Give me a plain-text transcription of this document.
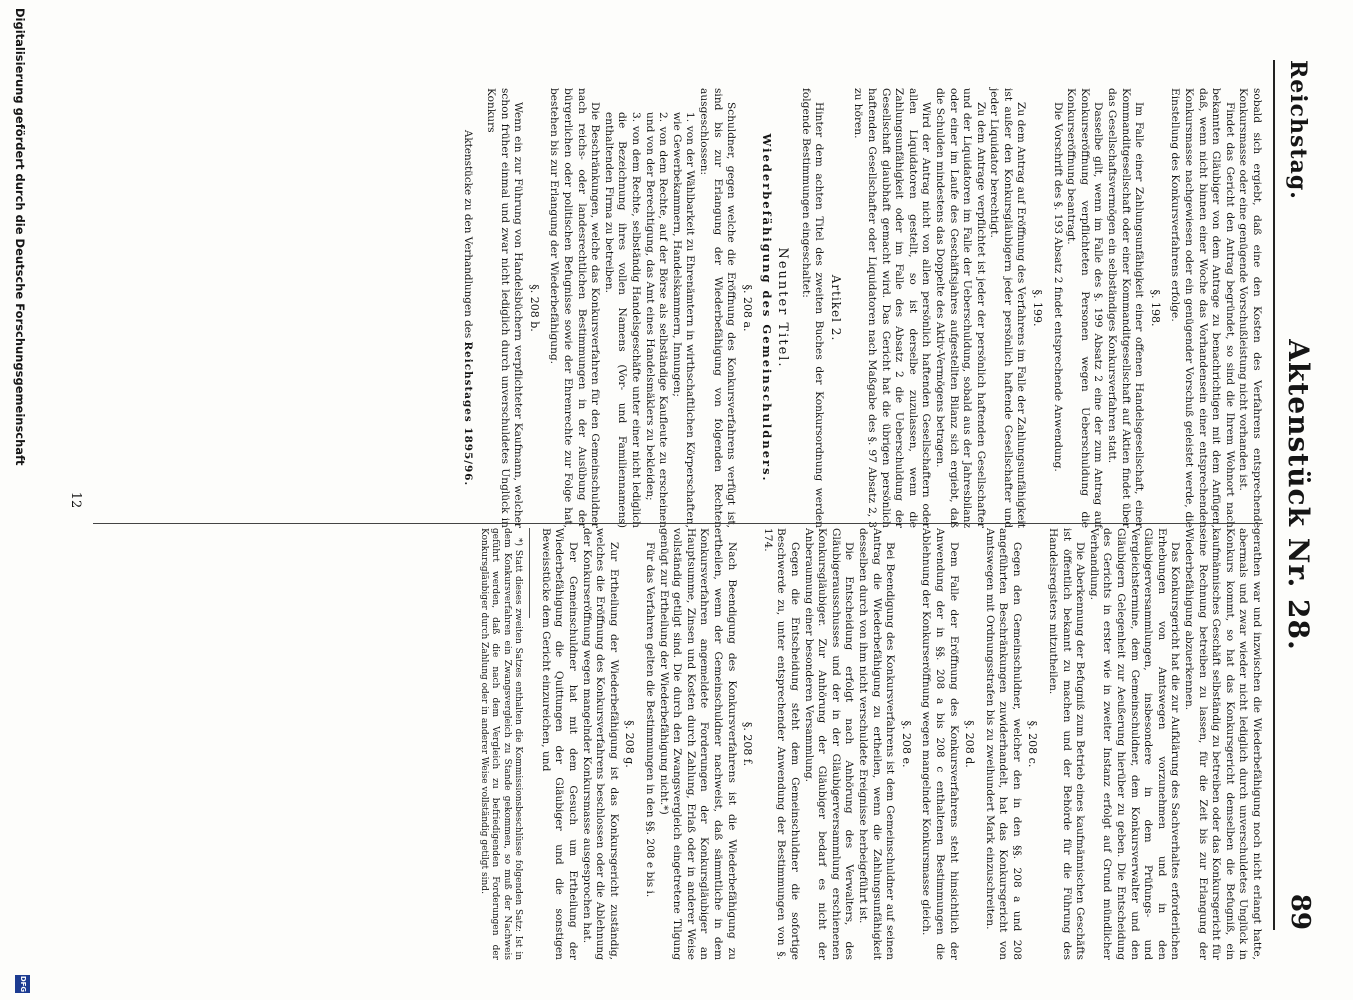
Reichstag.
Aktenstück Nr. 28.
89

sobald sich ergiebt, daß eine den Kosten des Verfahrens entsprechende Konkursmasse oder eine genügende Vorschußleistung nicht vorhanden ist.

Findet das Gericht den Antrag begründet, so sind die Ihrem Wohnort nach bekannten Gläubiger von dem Antrage zu benachrichtigen mit dem Anfügen, daß, wenn nicht binnen einer Woche das Vorhandensein einer entsprechenden Konkursmasse nachgewiesen oder ein genügender Vorschuß geleistet werde, die Einstellung des Konkursverfahrens erfolge.

§. 198.

Im Falle einer Zahlungsunfähigkeit einer offenen Handelsgesellschaft, einer Kommanditgesellschaft oder einer Kommanditgesellschaft auf Aktien findet über das Gesellschaftsvermögen ein selbständiges Konkursverfahren statt.

Dasselbe gilt, wenn im Falle des §. 199 Absatz 2 eine der zum Antrag auf Konkurseröffnung verpflichteten Personen wegen Ueberschuldung die Konkurseröffnung beantragt.

Die Vorschrift des §. 193 Absatz 2 findet entsprechende Anwendung.

§. 199.

Zu dem Antrag auf Eröffnung des Verfahrens im Falle der Zahlungsunfähigkeit ist außer den Konkursgläubigern jeder persönlich haftende Gesellschafter und jeder Liquidator berechtigt.

Zu dem Antrage verpflichtet ist jeder der persönlich haftenden Gesellschafter und der Liquidatoren im Falle der Ueberschuldung, sobald aus der Jahresbilanz oder einer im Laufe des Geschäftsjahres aufgestellten Bilanz sich ergiebt, daß die Schulden mindestens das Doppelte des Aktiv-Vermögens betragen.

Wird der Antrag nicht von allen persönlich haftenden Gesellschaftern oder allen Liquidatoren gestellt, so ist derselbe zuzulassen, wenn die Zahlungsunfähigkeit oder im Falle des Absatz 2 die Ueberschuldung der Gesellschaft glaubhaft gemacht wird. Das Gericht hat die übrigen persönlich haftenden Gesellschafter oder Liquidatoren nach Maßgabe des §. 97 Absatz 2, 3 zu hören.

Artikel 2.

Hinter dem achten Titel des zweiten Buches der Konkursordnung werden folgende Bestimmungen eingeschaltet:

Neunter Titel.
Wiederbefähigung des Gemeinschuldners.
§. 208 a.

Schuldner, gegen welche die Eröffnung des Konkursverfahrens verfügt ist, sind bis zur Erlangung der Wiederbefähigung von folgenden Rechten ausgeschlossen:

1. von der Wählbarkeit zu Ehrenämtern in wirthschaftlichen Körperschaften, wie Gewerbekammern, Handelskammern, Innungen;

2. von dem Rechte, auf der Börse als selbständige Kaufleute zu erscheinen und von der Berechtigung, das Amt eines Handelsmäklers zu bekleiden;

3. von dem Rechte, selbständig Handelsgeschäfte unter einer nicht lediglich die Bezeichnung ihres vollen Namens (Vor- und Familiennamens) enthaltenden Firma zu betreiben.

Die Beschränkungen, welche das Konkursverfahren für den Gemeinschuldner nach reichs- oder landesrechtlichen Bestimmungen in der Ausübung der bürgerlichen oder politischen Befugnisse sowie der Ehrenrechte zur Folge hat, bestehen bis zur Erlangung der Wiederbefähigung.

§. 208 b.

Wenn ein zur Führung von Handelsbüchern verpflichteter Kaufmann, welcher schon früher einmal und zwar nicht lediglich durch unverschuldetes Unglück in Konkurs

Aktenstücke zu den Verhandlungen des Reichstages 1895/96.

gerathen war und inzwischen die Wiederbefähigung noch nicht erlangt hatte, abermals und zwar wieder nicht lediglich durch unverschuldetes Unglück in Konkurs kommt, so hat das Konkursgericht demselben die Befugniß, ein kaufmännisches Geschäft selbständig zu betreiben oder das Konkursgericht für seine Rechnung betreiben zu lassen, für die Zeit bis zur Erlangung der Wiederbefähigung abzuerkennen.

Das Konkursgericht hat die zur Aufklärung des Sachverhaltes erforderlichen Erhebungen von Amtswegen vorzunehmen und in den Gläubigerversammlungen, insbesondere in dem Prüfungs- und Vergleichstermine, dem Gemeinschuldner, dem Konkursverwalter und den Gläubigern Gelegenheit zur Aeußerung hierüber zu geben. Die Entscheidung des Gerichts in erster wie in zweiter Instanz erfolgt auf Grund mündlicher Verhandlung.

Die Aberkennung der Befugniß zum Betrieb eines kaufmännischen Geschäfts ist öffentlich bekannt zu machen und der Behörde für die Führung des Handelsregisters mitzutheilen.

§. 208 c.

Gegen den Gemeinschuldner, welcher den in den §§. 208 a und 208 angeführten Beschränkungen zuwiderhandelt, hat das Konkursgericht von Amtswegen mit Ordnungsstrafen bis zu zweihundert Mark einzuschreiten.

§. 208 d.

Dem Falle der Eröffnung des Konkursverfahrens steht hinsichtlich der Anwendung der in §§. 208 a bis 208 c enthaltenen Bestimmungen die Ablehnung der Konkurseröffnung wegen mangelnder Konkursmasse gleich.

§. 208 e.

Bei Beendigung des Konkursverfahrens ist dem Gemeinschuldner auf seinen Antrag die Wiederbefähigung zu ertheilen, wenn die Zahlungsunfähigkeit desselben durch von ihm nicht verschuldete Ereignisse herbeigeführt ist.

Die Entscheidung erfolgt nach Anhörung des Verwalters, des Gläubigerausschusses und der in der Gläubigerversammlung erschienenen Konkursgläubiger. Zur Anhörung der Gläubiger bedarf es nicht der Anberaumung einer besonderen Versammlung.

Gegen die Entscheidung steht dem Gemeinschuldner die sofortige Beschwerde zu, unter entsprechender Anwendung der Bestimmungen von §. 174.

§. 208 f.

Nach Beendigung des Konkursverfahrens ist die Wiederbefähigung zu ertheilen, wenn der Gemeinschuldner nachweist, daß sämmtliche in dem Konkursverfahren angemeldete Forderungen der Konkursgläubiger an Hauptsumme, Zinsen und Kosten durch Zahlung, Erlaß oder in anderer Weise vollständig getilgt sind. Die durch den Zwangsvergleich eingetretene Tilgung genügt zur Ertheilung der Wiederbefähigung nicht.*)

Für das Verfahren gelten die Bestimmungen in den §§. 208 e bis i.

§. 208 g.

Zur Ertheilung der Wiederbefähigung ist das Konkursgericht zuständig, welches die Eröffnung des Konkursverfahrens beschlossen oder die Ablehnung der Konkurseröffnung wegen mangelnder Konkursmasse ausgesprochen hat.

Der Gemeinschuldner hat mit dem Gesuch um Ertheilung der Wiederbefähigung die Quittungen der Gläubiger und die sonstigen Beweisstücke dem Gericht einzureichen, und

*) Statt dieses zweiten Satzes enthalten die Kommissionsbeschlüsse folgenden Satz: Ist in dem Konkursverfahren ein Zwangsvergleich zu Stande gekommen, so muß der Nachweis geführt werden, daß die nach dem Vergleich zu befriedigenden Forderungen der Konkursgläubiger durch Zahlung oder in anderer Weise vollständig getilgt sind.

12
Digitalisierung gefördert durch die Deutsche Forschungsgemeinschaft
DFG
